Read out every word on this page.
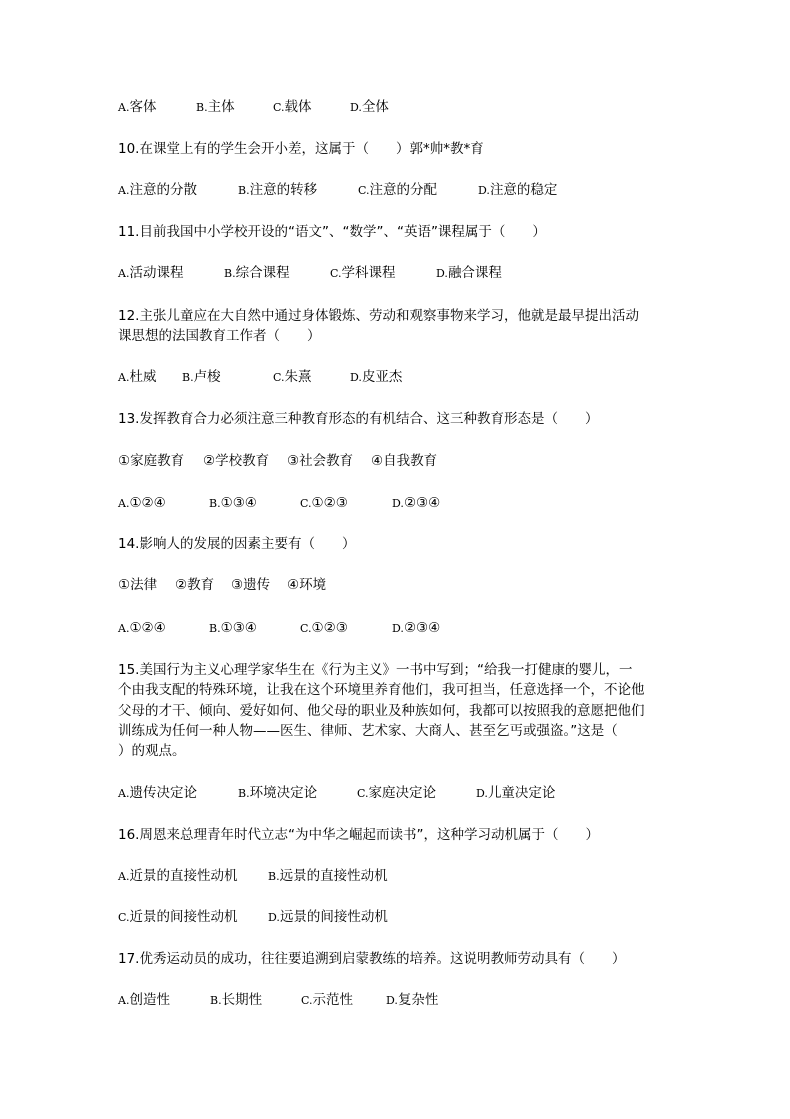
A.客体	B.主体	C.载体	D.全体
10.在课堂上有的学生会开小差，这属于（　　）郭*帅*教*育
A.注意的分散	B.注意的转移	C.注意的分配	D.注意的稳定
11.目前我国中小学校开设的“语文”、“数学”、“英语”课程属于（　　）
A.活动课程	B.综合课程	C.学科课程	D.融合课程
12.主张儿童应在大自然中通过身体锻炼、劳动和观察事物来学习，他就是最早提出活动
课思想的法国教育工作者（　　）
A.杜威 B.卢梭	C.朱熹	D.皮亚杰
13.发挥教育合力必须注意三种教育形态的有机结合、这三种教育形态是（　　）
①家庭教育 ②学校教育 ③社会教育 ④自我教育
A.①②④	B.①③④	C.①②③	D.②③④
14.影响人的发展的因素主要有（　　）
①法律 ②教育 ③遗传 ④环境
A.①②④	B.①③④	C.①②③	D.②③④
15.美国行为主义心理学家华生在《行为主义》一书中写到；“给我一打健康的婴儿，一
个由我支配的特殊环境，让我在这个环境里养育他们，我可担当，任意选择一个，不论他
父母的才干、倾向、爱好如何、他父母的职业及种族如何，我都可以按照我的意愿把他们
训练成为任何一种人物——医生、律师、艺术家、大商人、甚至乞丐或强盗。”这是（
）的观点。
A.遗传决定论	B.环境决定论	C.家庭决定论	D.儿童决定论
16.周恩来总理青年时代立志“为中华之崛起而读书”，这种学习动机属于（　　）
A.近景的直接性动机	B.远景的直接性动机
C.近景的间接性动机	D.远景的间接性动机
17.优秀运动员的成功，往往要追溯到启蒙教练的培养。这说明教师劳动具有（　　）
A.创造性	B.长期性	C.示范性	D.复杂性
